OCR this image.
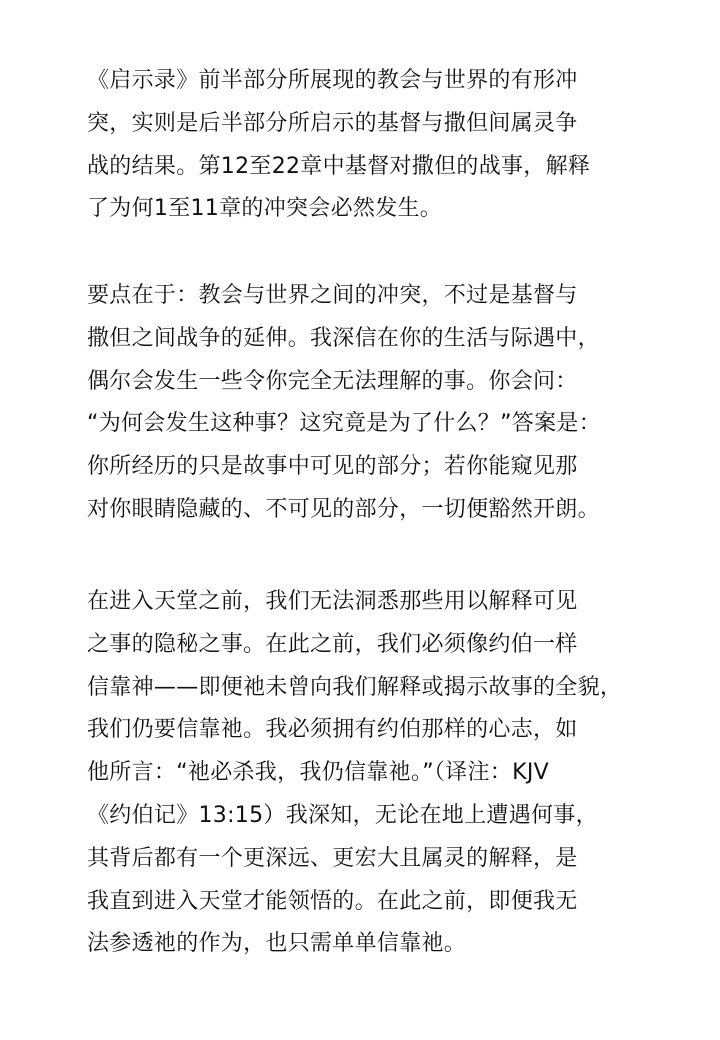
《启示录》前半部分所展现的教会与世界的有形冲
突，实则是后半部分所启示的基督与撒但间属灵争
战的结果。第12至22章中基督对撒但的战事，解释
了为何1至11章的冲突会必然发生。
要点在于：教会与世界之间的冲突，不过是基督与
撒但之间战争的延伸。我深信在你的生活与际遇中，
偶尔会发生一些令你完全无法理解的事。你会问：
“为何会发生这种事？这究竟是为了什么？”答案是：
你所经历的只是故事中可见的部分；若你能窥见那
对你眼睛隐藏的、不可见的部分，一切便豁然开朗。
在进入天堂之前，我们无法洞悉那些用以解释可见
之事的隐秘之事。在此之前，我们必须像约伯一样
信靠神——即便祂未曾向我们解释或揭示故事的全貌，
我们仍要信靠祂。我必须拥有约伯那样的心志，如
他所言：“祂必杀我，我仍信靠祂。”（译注：KJV
《约伯记》13:15）我深知，无论在地上遭遇何事，
其背后都有一个更深远、更宏大且属灵的解释，是
我直到进入天堂才能领悟的。在此之前，即便我无
法参透祂的作为，也只需单单信靠祂。
